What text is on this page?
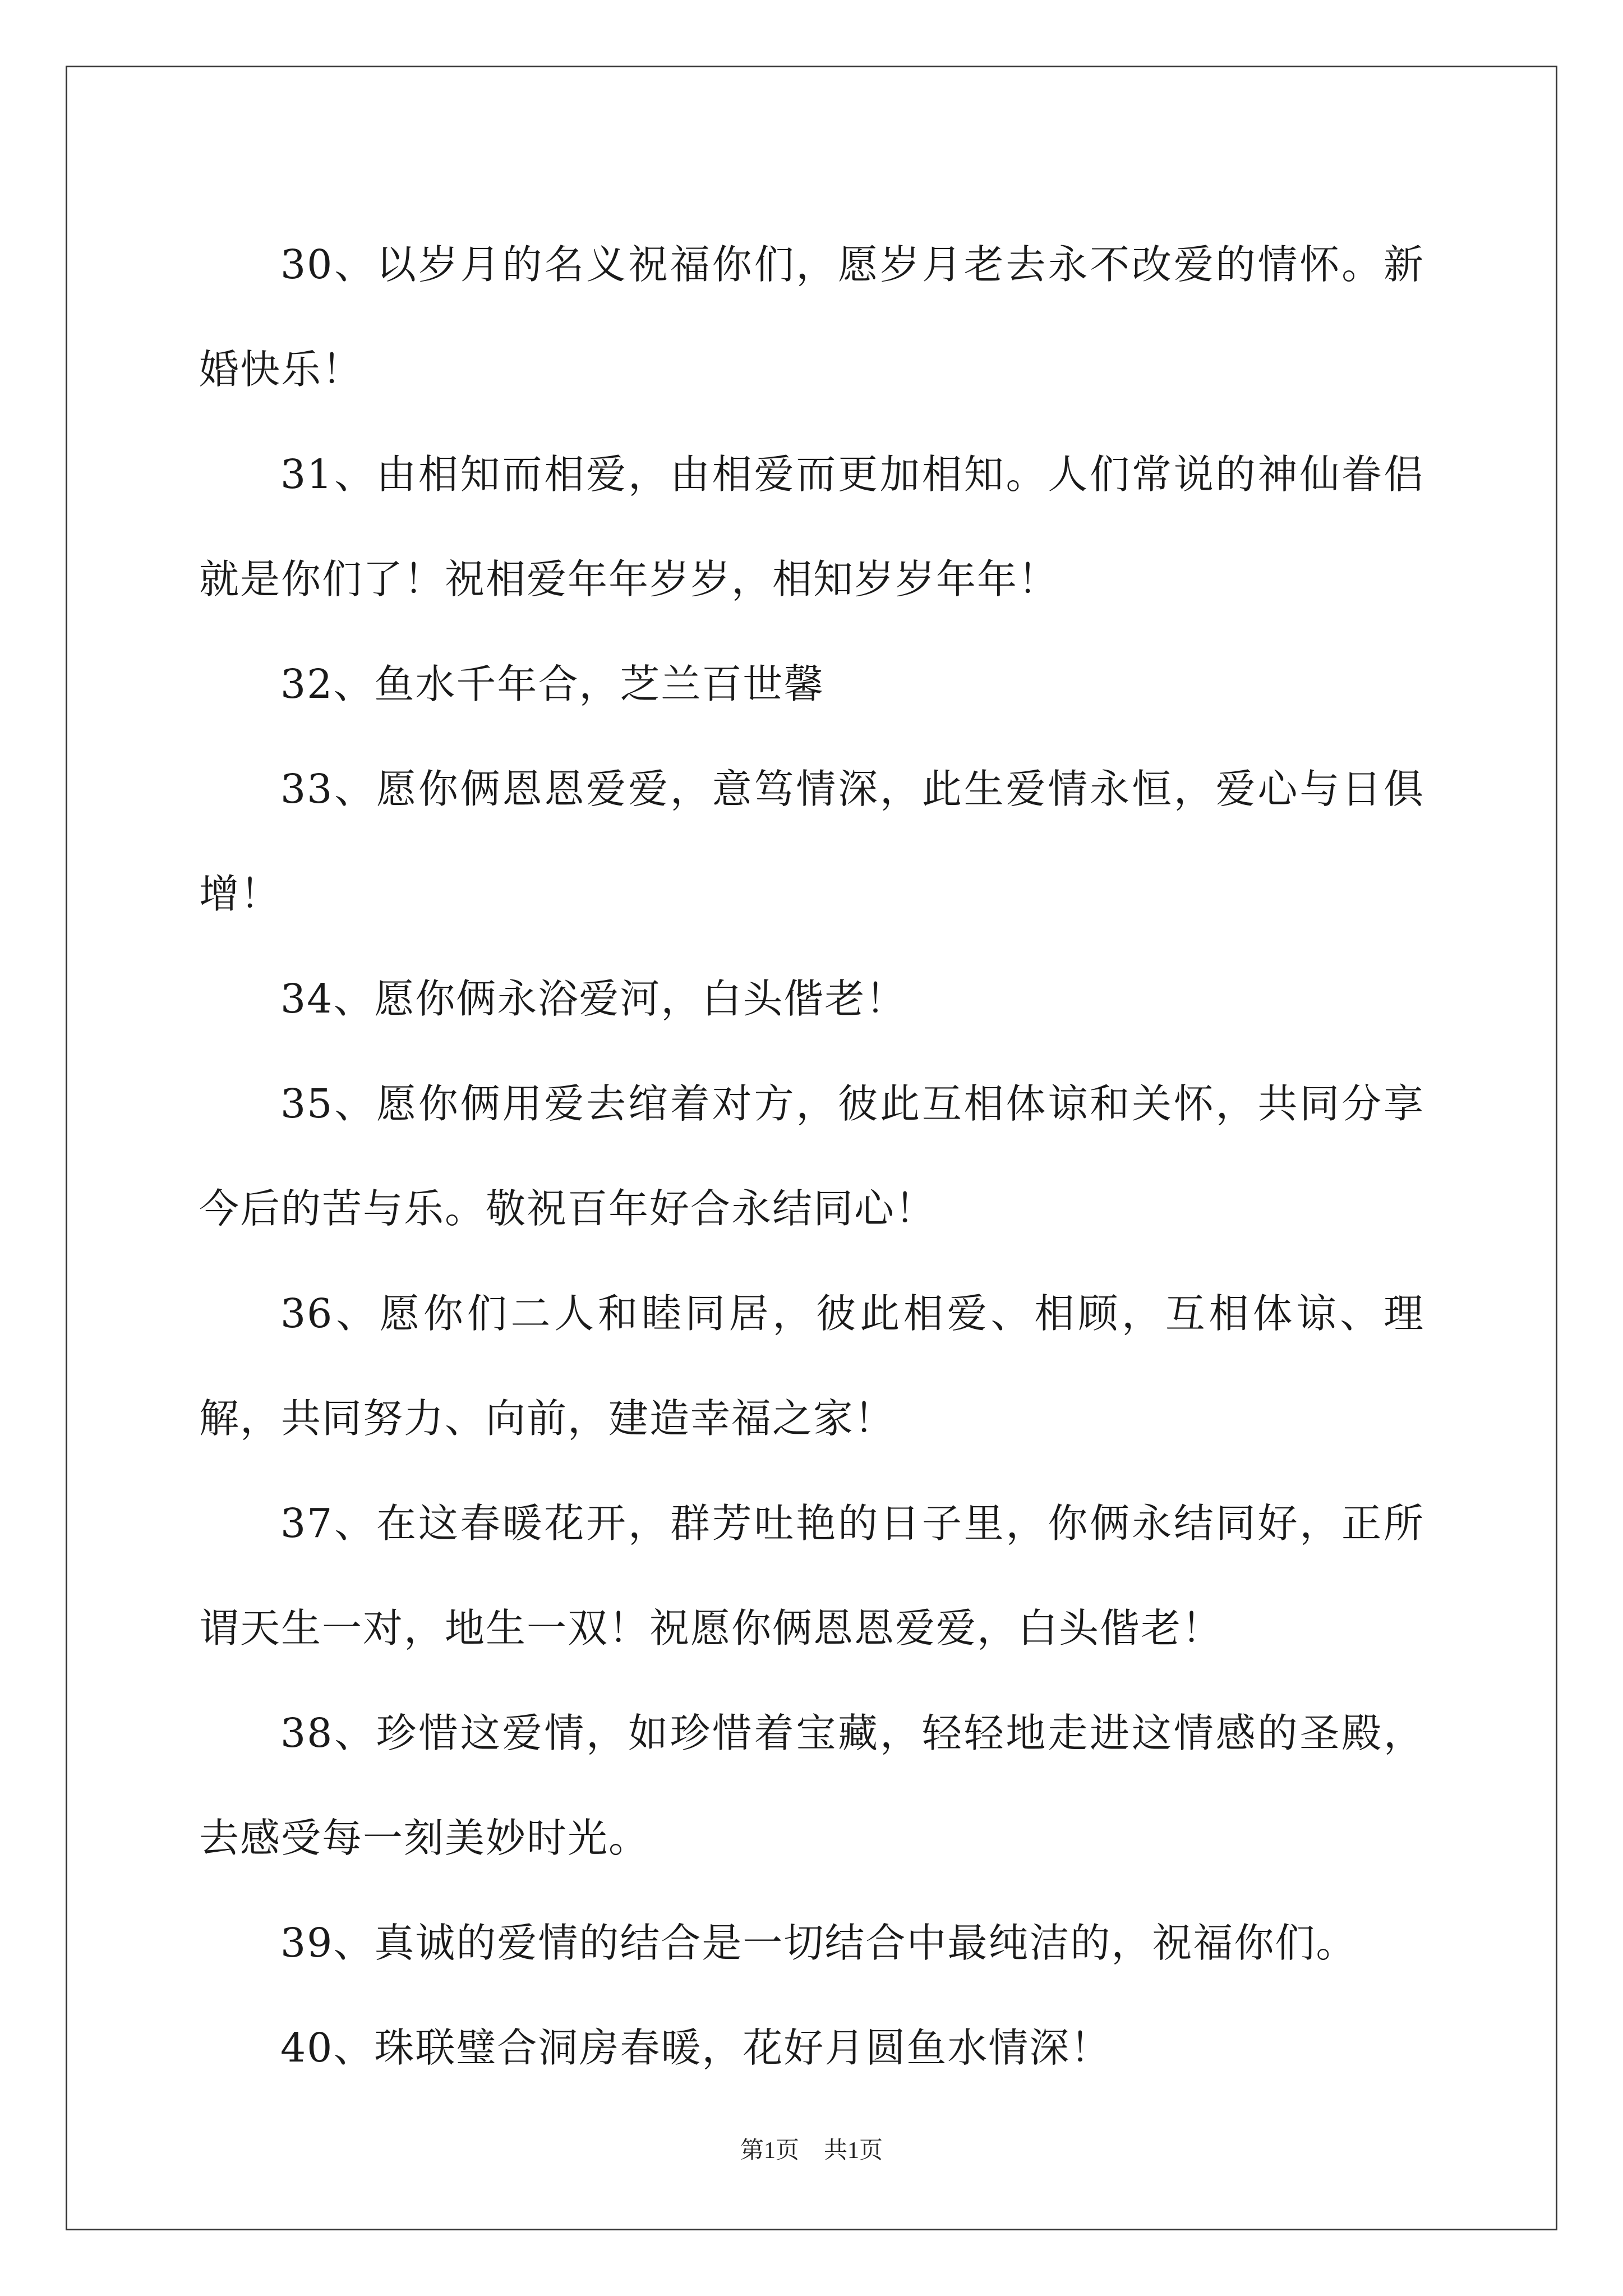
30、以岁月的名义祝福你们，愿岁月老去永不改爱的情怀。新婚快乐！

31、由相知而相爱，由相爱而更加相知。人们常说的神仙眷侣就是你们了！祝相爱年年岁岁，相知岁岁年年！

32、鱼水千年合，芝兰百世馨

33、愿你俩恩恩爱爱，意笃情深，此生爱情永恒，爱心与日俱增！

34、愿你俩永浴爱河，白头偕老！

35、愿你俩用爱去绾着对方，彼此互相体谅和关怀，共同分享今后的苦与乐。敬祝百年好合永结同心！

36、愿你们二人和睦同居，彼此相爱、相顾，互相体谅、理解，共同努力、向前，建造幸福之家！

37、在这春暖花开，群芳吐艳的日子里，你俩永结同好，正所谓天生一对，地生一双！祝愿你俩恩恩爱爱，白头偕老！

38、珍惜这爱情，如珍惜着宝藏，轻轻地走进这情感的圣殿，去感受每一刻美妙时光。

39、真诚的爱情的结合是一切结合中最纯洁的，祝福你们。

40、珠联璧合洞房春暖，花好月圆鱼水情深！

第1页 共1页
